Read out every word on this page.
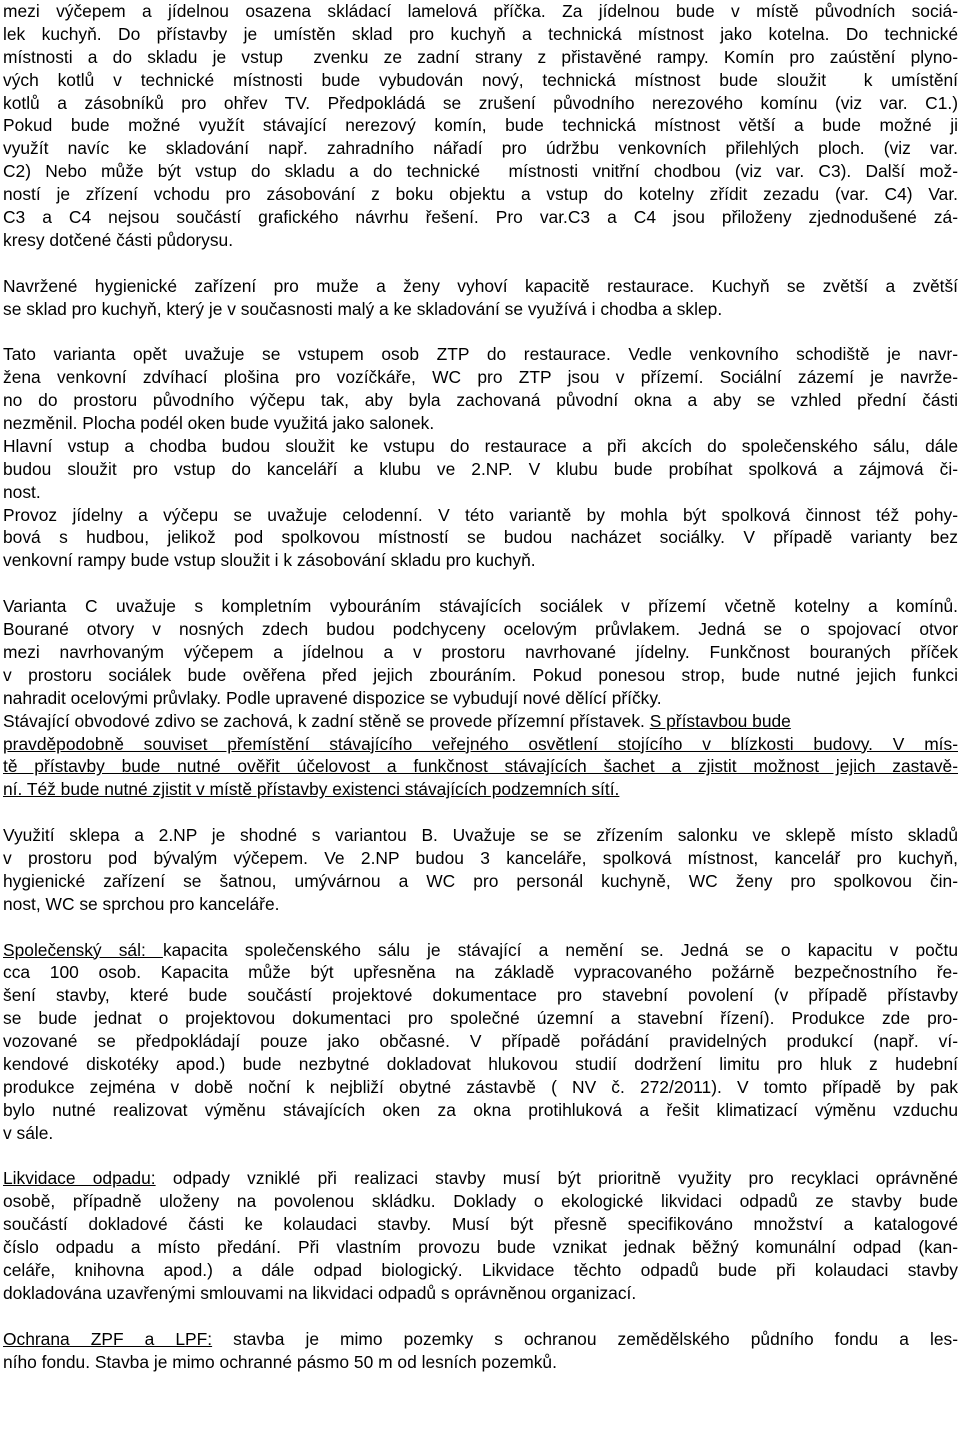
mezi výčepem a jídelnou osazena skládací lamelová příčka. Za jídelnou bude v místě původních sociá-
lek kuchyň. Do přístavby je umístěn sklad pro kuchyň a technická místnost jako kotelna. Do technické
místnosti a do skladu je vstup  zvenku ze zadní strany z přistavěné rampy. Komín pro zaústění plyno-
vých kotlů v technické místnosti bude vybudován nový, technická místnost bude sloužit  k umístění
kotlů a zásobníků pro ohřev TV. Předpokládá se zrušení původního nerezového komínu (viz var. C1.)
Pokud bude možné využít stávající nerezový komín, bude technická místnost větší a bude možné ji
využít navíc ke skladování např. zahradního nářadí pro údržbu venkovních přilehlých ploch. (viz var.
C2) Nebo může být vstup do skladu a do technické  místnosti vnitřní chodbou (viz var. C3). Další mož-
ností je zřízení vchodu pro zásobování z boku objektu a vstup do kotelny zřídit zezadu (var. C4) Var.
C3 a C4 nejsou součástí grafického návrhu řešení. Pro var.C3 a C4 jsou přiloženy zjednodušené zá-
kresy dotčené části půdorysu.
Navržené hygienické zařízení pro muže a ženy vyhoví kapacitě restaurace. Kuchyň se zvětší a zvětší
se sklad pro kuchyň, který je v současnosti malý a ke skladování se využívá i chodba a sklep.
Tato varianta opět uvažuje se vstupem osob ZTP do restaurace. Vedle venkovního schodiště je navr-
žena venkovní zdvíhací plošina pro vozíčkáře, WC pro ZTP jsou v přízemí. Sociální zázemí je navrže-
no do prostoru původního výčepu tak, aby byla zachovaná původní okna a aby se vzhled přední části
nezměnil. Plocha podél oken bude využitá jako salonek.
Hlavní vstup a chodba budou sloužit ke vstupu do restaurace a při akcích do společenského sálu, dále
budou sloužit pro vstup do kanceláří a klubu ve 2.NP. V klubu bude probíhat spolková a zájmová či-
nost.
Provoz jídelny a výčepu se uvažuje celodenní. V této variantě by mohla být spolková činnost též pohy-
bová s hudbou, jelikož pod spolkovou místností se budou nacházet sociálky. V případě varianty bez
venkovní rampy bude vstup sloužit i k zásobování skladu pro kuchyň.
Varianta C uvažuje s kompletním vybouráním stávajících sociálek v přízemí včetně kotelny a komínů.
Bourané otvory v nosných zdech budou podchyceny ocelovým průvlakem. Jedná se o spojovací otvor
mezi navrhovaným výčepem a jídelnou a v prostoru navrhované jídelny. Funkčnost bouraných příček
v prostoru sociálek bude ověřena před jejich zbouráním. Pokud ponesou strop, bude nutné jejich funkci
nahradit ocelovými průvlaky. Podle upravené dispozice se vybudují nové dělící příčky.
Stávající obvodové zdivo se zachová, k zadní stěně se provede přízemní přístavek. S přístavbou bude
pravděpodobně souviset přemístění stávajícího veřejného osvětlení stojícího v blízkosti budovy. V mís-
tě přístavby bude nutné ověřit účelovost a funkčnost stávajících šachet a zjistit možnost jejich zastavě-
ní. Též bude nutné zjistit v místě přístavby existenci stávajících podzemních sítí.
Využití sklepa a 2.NP je shodné s variantou B. Uvažuje se se zřízením salonku ve sklepě místo skladů
v prostoru pod bývalým výčepem. Ve 2.NP budou 3 kanceláře, spolková místnost, kancelář pro kuchyň,
hygienické zařízení se šatnou, umývárnou a WC pro personál kuchyně, WC ženy pro spolkovou čin-
nost, WC se sprchou pro kanceláře.
Společenský sál: kapacita společenského sálu je stávající a nemění se. Jedná se o kapacitu v počtu
cca 100 osob. Kapacita může být upřesněna na základě vypracovaného požárně bezpečnostního ře-
šení stavby, které bude součástí projektové dokumentace pro stavební povolení (v případě přístavby
se bude jednat o projektovou dokumentaci pro společné územní a stavební řízení). Produkce zde pro-
vozované se předpokládají pouze jako občasné. V případě pořádání pravidelných produkcí (např. ví-
kendové diskotéky apod.) bude nezbytné dokladovat hlukovou studií dodržení limitu pro hluk z hudební
produkce zejména v době noční k nejbliží obytné zástavbě ( NV č. 272/2011). V tomto případě by pak
bylo nutné realizovat výměnu stávajících oken za okna protihluková a řešit klimatizací výměnu vzduchu
v sále.
Likvidace odpadu: odpady vzniklé při realizaci stavby musí být prioritně využity pro recyklaci oprávněné
osobě, případně uloženy na povolenou skládku. Doklady o ekologické likvidaci odpadů ze stavby bude
součástí dokladové části ke kolaudaci stavby. Musí být přesně specifikováno množství a katalogové
číslo odpadu a místo předání. Při vlastním provozu bude vznikat jednak běžný komunální odpad (kan-
celáře, knihovna apod.) a dále odpad biologický. Likvidace těchto odpadů bude při kolaudaci stavby
dokladována uzavřenými smlouvami na likvidaci odpadů s oprávněnou organizací.
Ochrana ZPF a LPF: stavba je mimo pozemky s ochranou zemědělského půdního fondu a les-
ního fondu. Stavba je mimo ochranné pásmo 50 m od lesních pozemků.
